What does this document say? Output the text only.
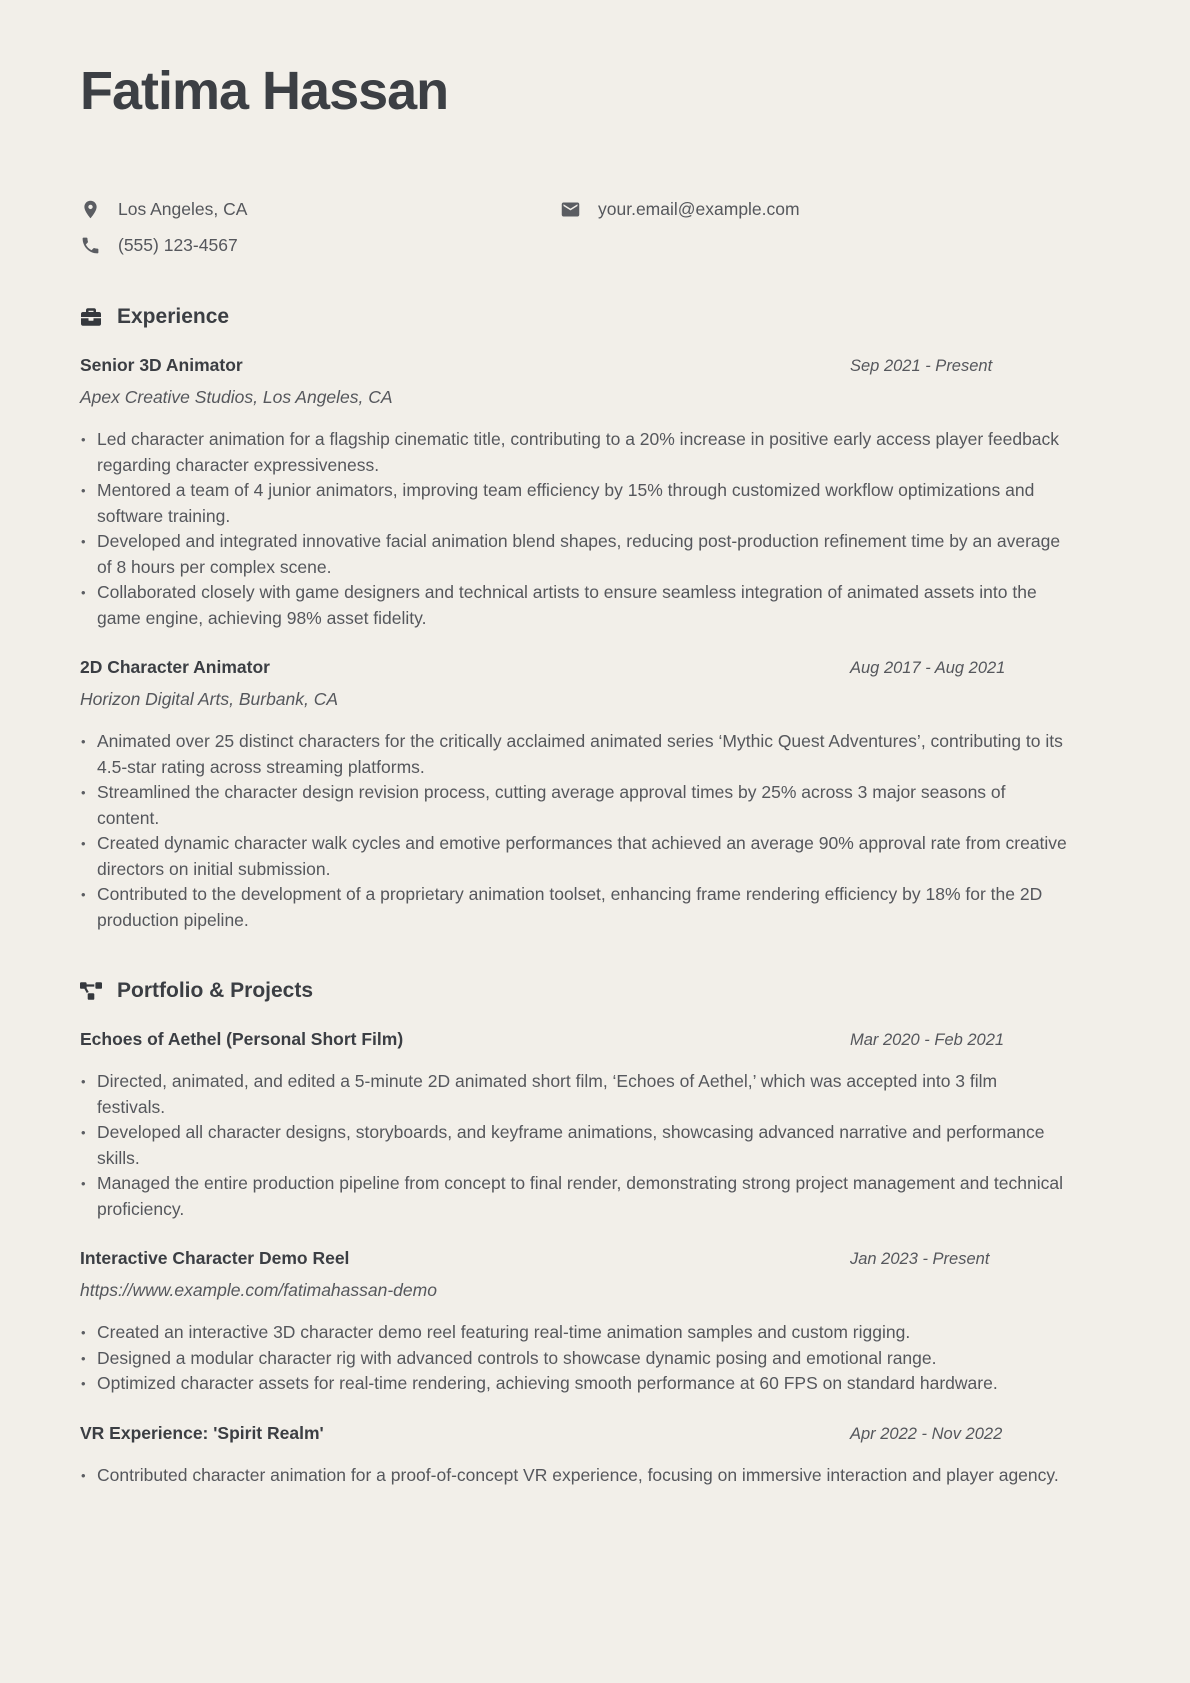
Fatima Hassan
Los Angeles, CA	your.email@example.com
(555) 123-4567
Experience
Senior 3D Animator	Sep 2021 - Present
Apex Creative Studios, Los Angeles, CA
• Led character animation for a flagship cinematic title, contributing to a 20% increase in positive early access player feedback regarding character expressiveness.
• Mentored a team of 4 junior animators, improving team efficiency by 15% through customized workflow optimizations and software training.
• Developed and integrated innovative facial animation blend shapes, reducing post-production refinement time by an average of 8 hours per complex scene.
• Collaborated closely with game designers and technical artists to ensure seamless integration of animated assets into the game engine, achieving 98% asset fidelity.
2D Character Animator	Aug 2017 - Aug 2021
Horizon Digital Arts, Burbank, CA
• Animated over 25 distinct characters for the critically acclaimed animated series ‘Mythic Quest Adventures’, contributing to its 4.5-star rating across streaming platforms.
• Streamlined the character design revision process, cutting average approval times by 25% across 3 major seasons of content.
• Created dynamic character walk cycles and emotive performances that achieved an average 90% approval rate from creative directors on initial submission.
• Contributed to the development of a proprietary animation toolset, enhancing frame rendering efficiency by 18% for the 2D production pipeline.
Portfolio & Projects
Echoes of Aethel (Personal Short Film)	Mar 2020 - Feb 2021
• Directed, animated, and edited a 5-minute 2D animated short film, ‘Echoes of Aethel,’ which was accepted into 3 film festivals.
• Developed all character designs, storyboards, and keyframe animations, showcasing advanced narrative and performance skills.
• Managed the entire production pipeline from concept to final render, demonstrating strong project management and technical proficiency.
Interactive Character Demo Reel	Jan 2023 - Present
https://www.example.com/fatimahassan-demo
• Created an interactive 3D character demo reel featuring real-time animation samples and custom rigging.
• Designed a modular character rig with advanced controls to showcase dynamic posing and emotional range.
• Optimized character assets for real-time rendering, achieving smooth performance at 60 FPS on standard hardware.
VR Experience: 'Spirit Realm'	Apr 2022 - Nov 2022
• Contributed character animation for a proof-of-concept VR experience, focusing on immersive interaction and player agency.
